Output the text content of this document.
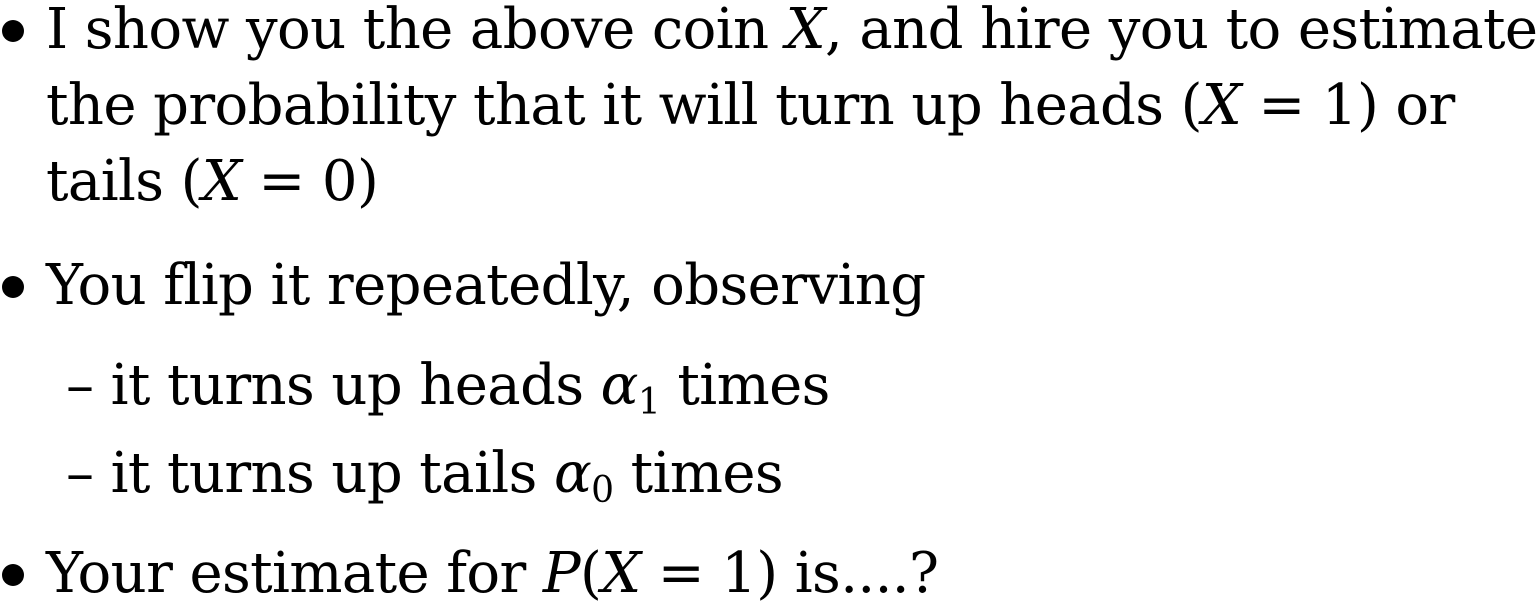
I show you the above coin X, and hire you to estimate
the probability that it will turn up heads (X = 1) or
tails (X = 0)
You flip it repeatedly, observing
– it turns up heads $\alpha_1$ times
– it turns up tails $\alpha_0$ times
Your estimate for P(X = 1) is....?
